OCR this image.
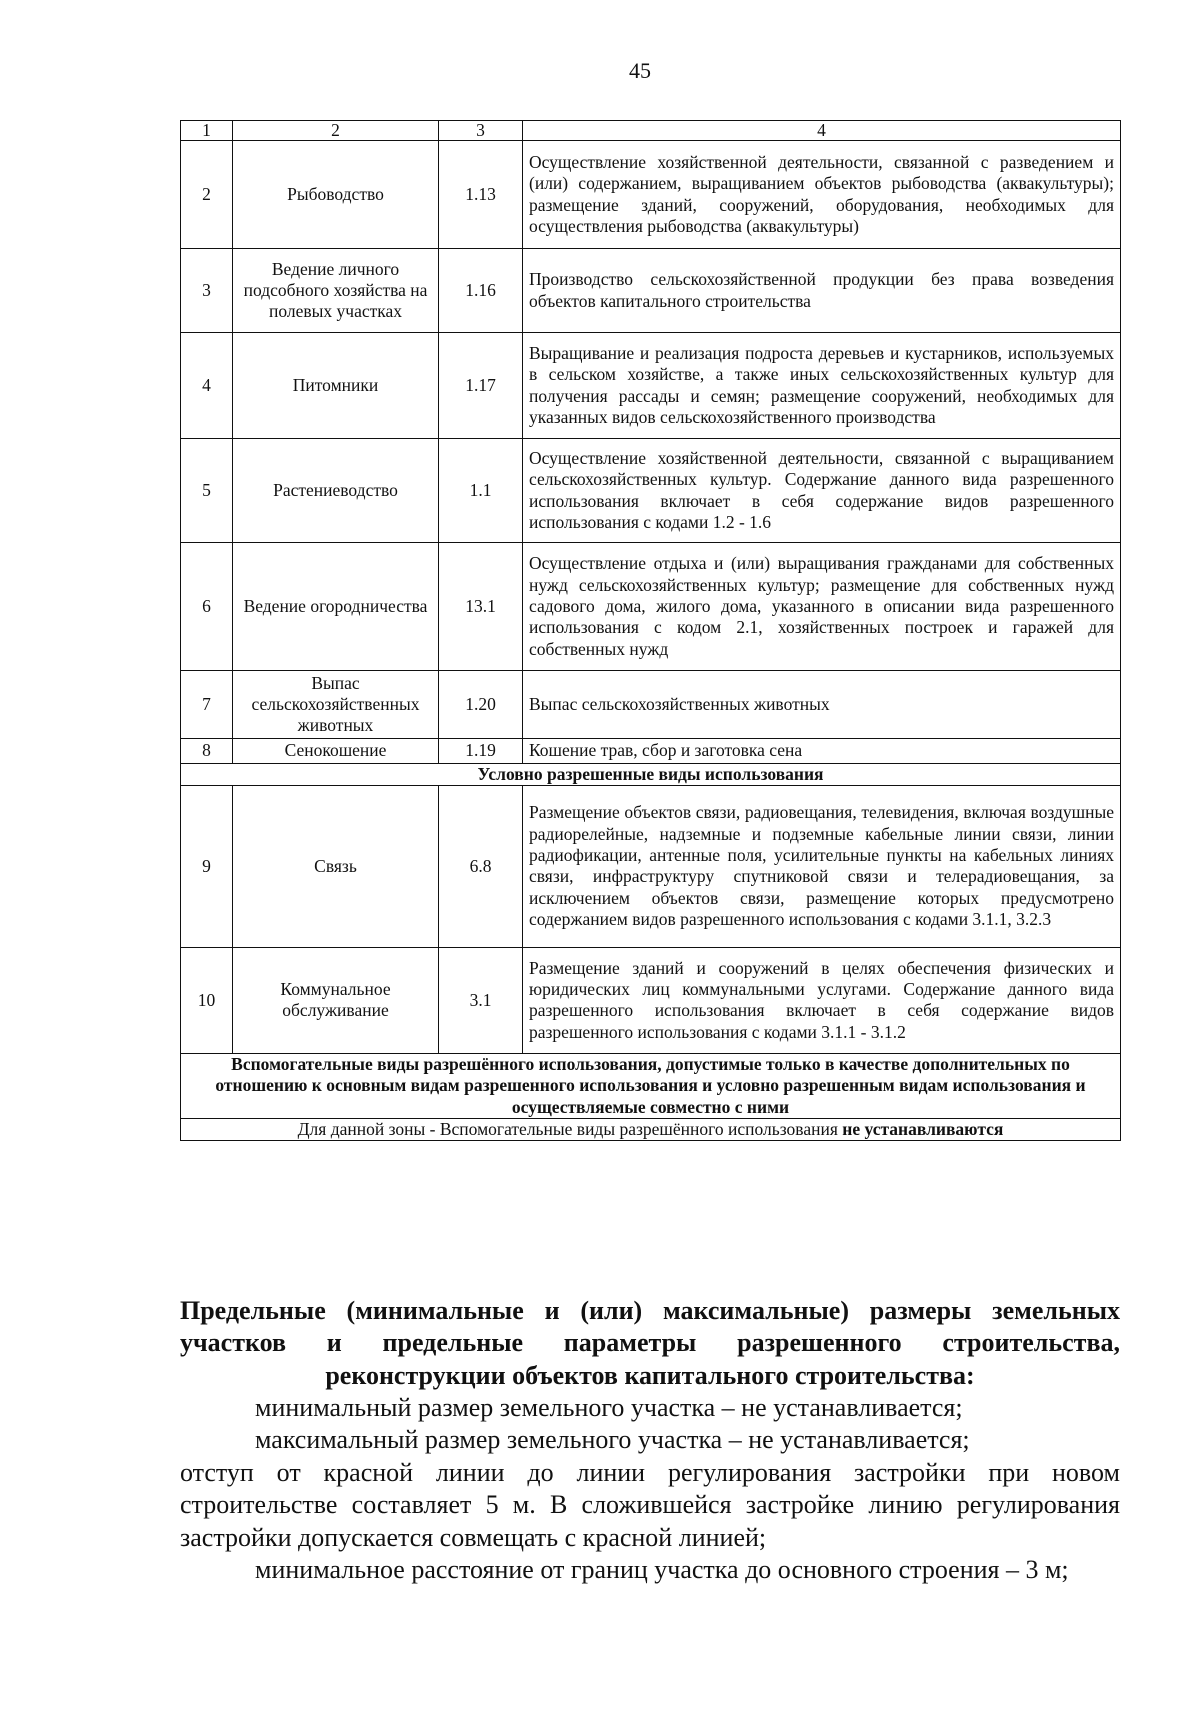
45
1	2	3	4
2	Рыбоводство	1.13	Осуществление хозяйственной деятельности, связанной с разведением и (или) содержанием, выращиванием объектов рыбоводства (аквакультуры); размещение зданий, сооружений, оборудования, необходимых для осуществления рыбоводства (аквакультуры)
3	Ведение личного подсобного хозяйства на полевых участках	1.16	Производство сельскохозяйственной продукции без права возведения объектов капитального строительства
4	Питомники	1.17	Выращивание и реализация подроста деревьев и кустарников, используемых в сельском хозяйстве, а также иных сельскохозяйственных культур для получения рассады и семян; размещение сооружений, необходимых для указанных видов сельскохозяйственного производства
5	Растениеводство	1.1	Осуществление хозяйственной деятельности, связанной с выращиванием сельскохозяйственных культур. Содержание данного вида разрешенного использования включает в себя содержание видов разрешенного использования с кодами 1.2 - 1.6
6	Ведение огородничества	13.1	Осуществление отдыха и (или) выращивания гражданами для собственных нужд сельскохозяйственных культур; размещение для собственных нужд садового дома, жилого дома, указанного в описании вида разрешенного использования с кодом 2.1, хозяйственных построек и гаражей для собственных нужд
7	Выпас сельскохозяйственных животных	1.20	Выпас сельскохозяйственных животных
8	Сенокошение	1.19	Кошение трав, сбор и заготовка сена
Условно разрешенные виды использования			
9	Связь	6.8	Размещение объектов связи, радиовещания, телевидения, включая воздушные радиорелейные, надземные и подземные кабельные линии связи, линии радиофикации, антенные поля, усилительные пункты на кабельных линиях связи, инфраструктуру спутниковой связи и телерадиовещания, за исключением объектов связи, размещение которых предусмотрено содержанием видов разрешенного использования с кодами 3.1.1, 3.2.3
10	Коммунальное обслуживание	3.1	Размещение зданий и сооружений в целях обеспечения физических и юридических лиц коммунальными услугами. Содержание данного вида разрешенного использования включает в себя содержание видов разрешенного использования с кодами 3.1.1 - 3.1.2
Вспомогательные виды разрешённого использования, допустимые только в качестве дополнительных по отношению к основным видам разрешенного использования и условно разрешенным видам использования и осуществляемые совместно с ними			
Для данной зоны - Вспомогательные виды разрешённого использования не устанавливаются			

Предельные (минимальные и (или) максимальные) размеры земельных участков и предельные параметры разрешенного строительства, реконструкции объектов капитального строительства:

минимальный размер земельного участка – не устанавливается;

максимальный размер земельного участка – не устанавливается;

отступ от красной линии до линии регулирования застройки при новом строительстве составляет 5 м. В сложившейся застройке линию регулирования застройки допускается совмещать с красной линией;

минимальное расстояние от границ участка до основного строения – 3 м;
